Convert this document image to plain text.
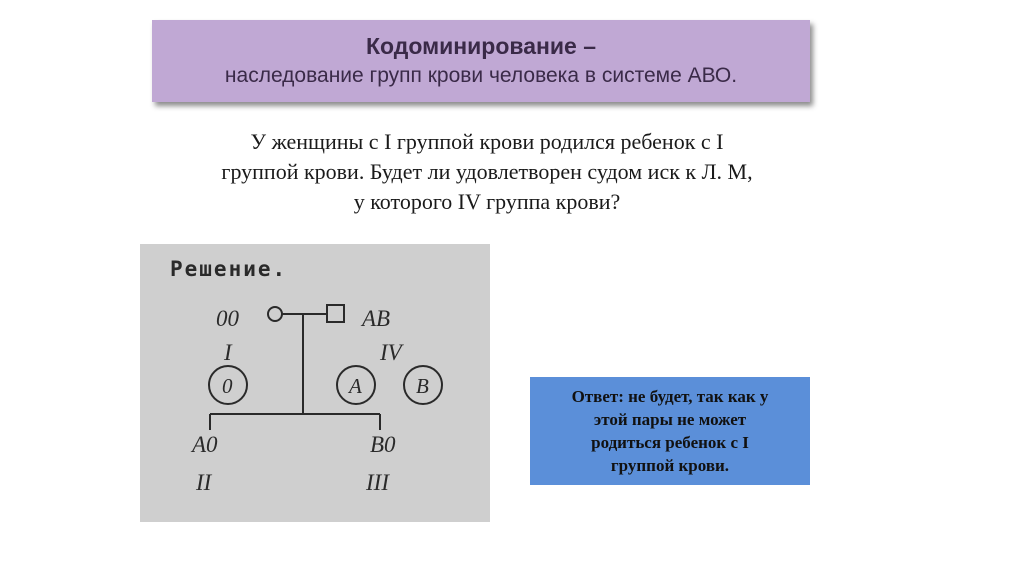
Кодоминирование –
наследование групп крови человека в системе АВО.
У женщины с I группой крови родился ребенок с I
группой крови. Будет ли удовлетворен судом иск к Л. М,
у которого IV группа крови?
Решение.
00
I
AB
IV
0	A	B
A0
II
B0
III
Ответ: не будет, так как у
этой пары не может
родиться ребенок с I
группой крови.
